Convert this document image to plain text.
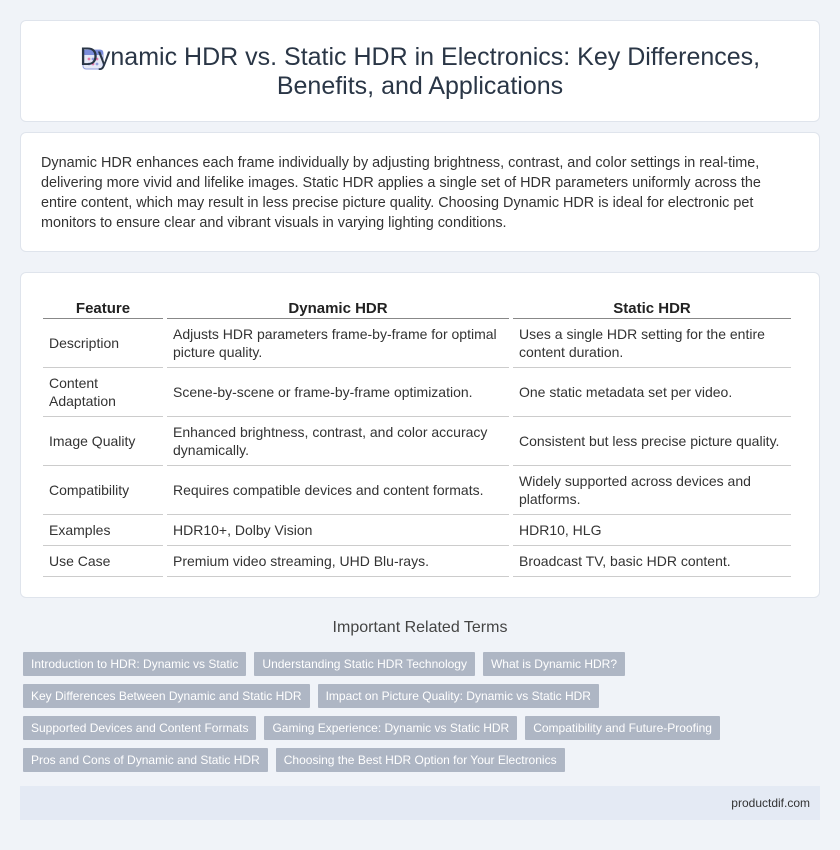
Dynamic HDR vs. Static HDR in Electronics: Key Differences, Benefits, and Applications

Dynamic HDR enhances each frame individually by adjusting brightness, contrast, and color settings in real-time, delivering more vivid and lifelike images. Static HDR applies a single set of HDR parameters uniformly across the entire content, which may result in less precise picture quality. Choosing Dynamic HDR is ideal for electronic pet monitors to ensure clear and vibrant visuals in varying lighting conditions.

Feature	Dynamic HDR	Static HDR
Description	Adjusts HDR parameters frame-by-frame for optimal picture quality.	Uses a single HDR setting for the entire content duration.
Content Adaptation	Scene-by-scene or frame-by-frame optimization.	One static metadata set per video.
Image Quality	Enhanced brightness, contrast, and color accuracy dynamically.	Consistent but less precise picture quality.
Compatibility	Requires compatible devices and content formats.	Widely supported across devices and platforms.
Examples	HDR10+, Dolby Vision	HDR10, HLG
Use Case	Premium video streaming, UHD Blu-rays.	Broadcast TV, basic HDR content.
Important Related Terms
Introduction to HDR: Dynamic vs Static	Understanding Static HDR Technology	What is Dynamic HDR?
Key Differences Between Dynamic and Static HDR	Impact on Picture Quality: Dynamic vs Static HDR
Supported Devices and Content Formats	Gaming Experience: Dynamic vs Static HDR	Compatibility and Future-Proofing
Pros and Cons of Dynamic and Static HDR	Choosing the Best HDR Option for Your Electronics
productdif.com
